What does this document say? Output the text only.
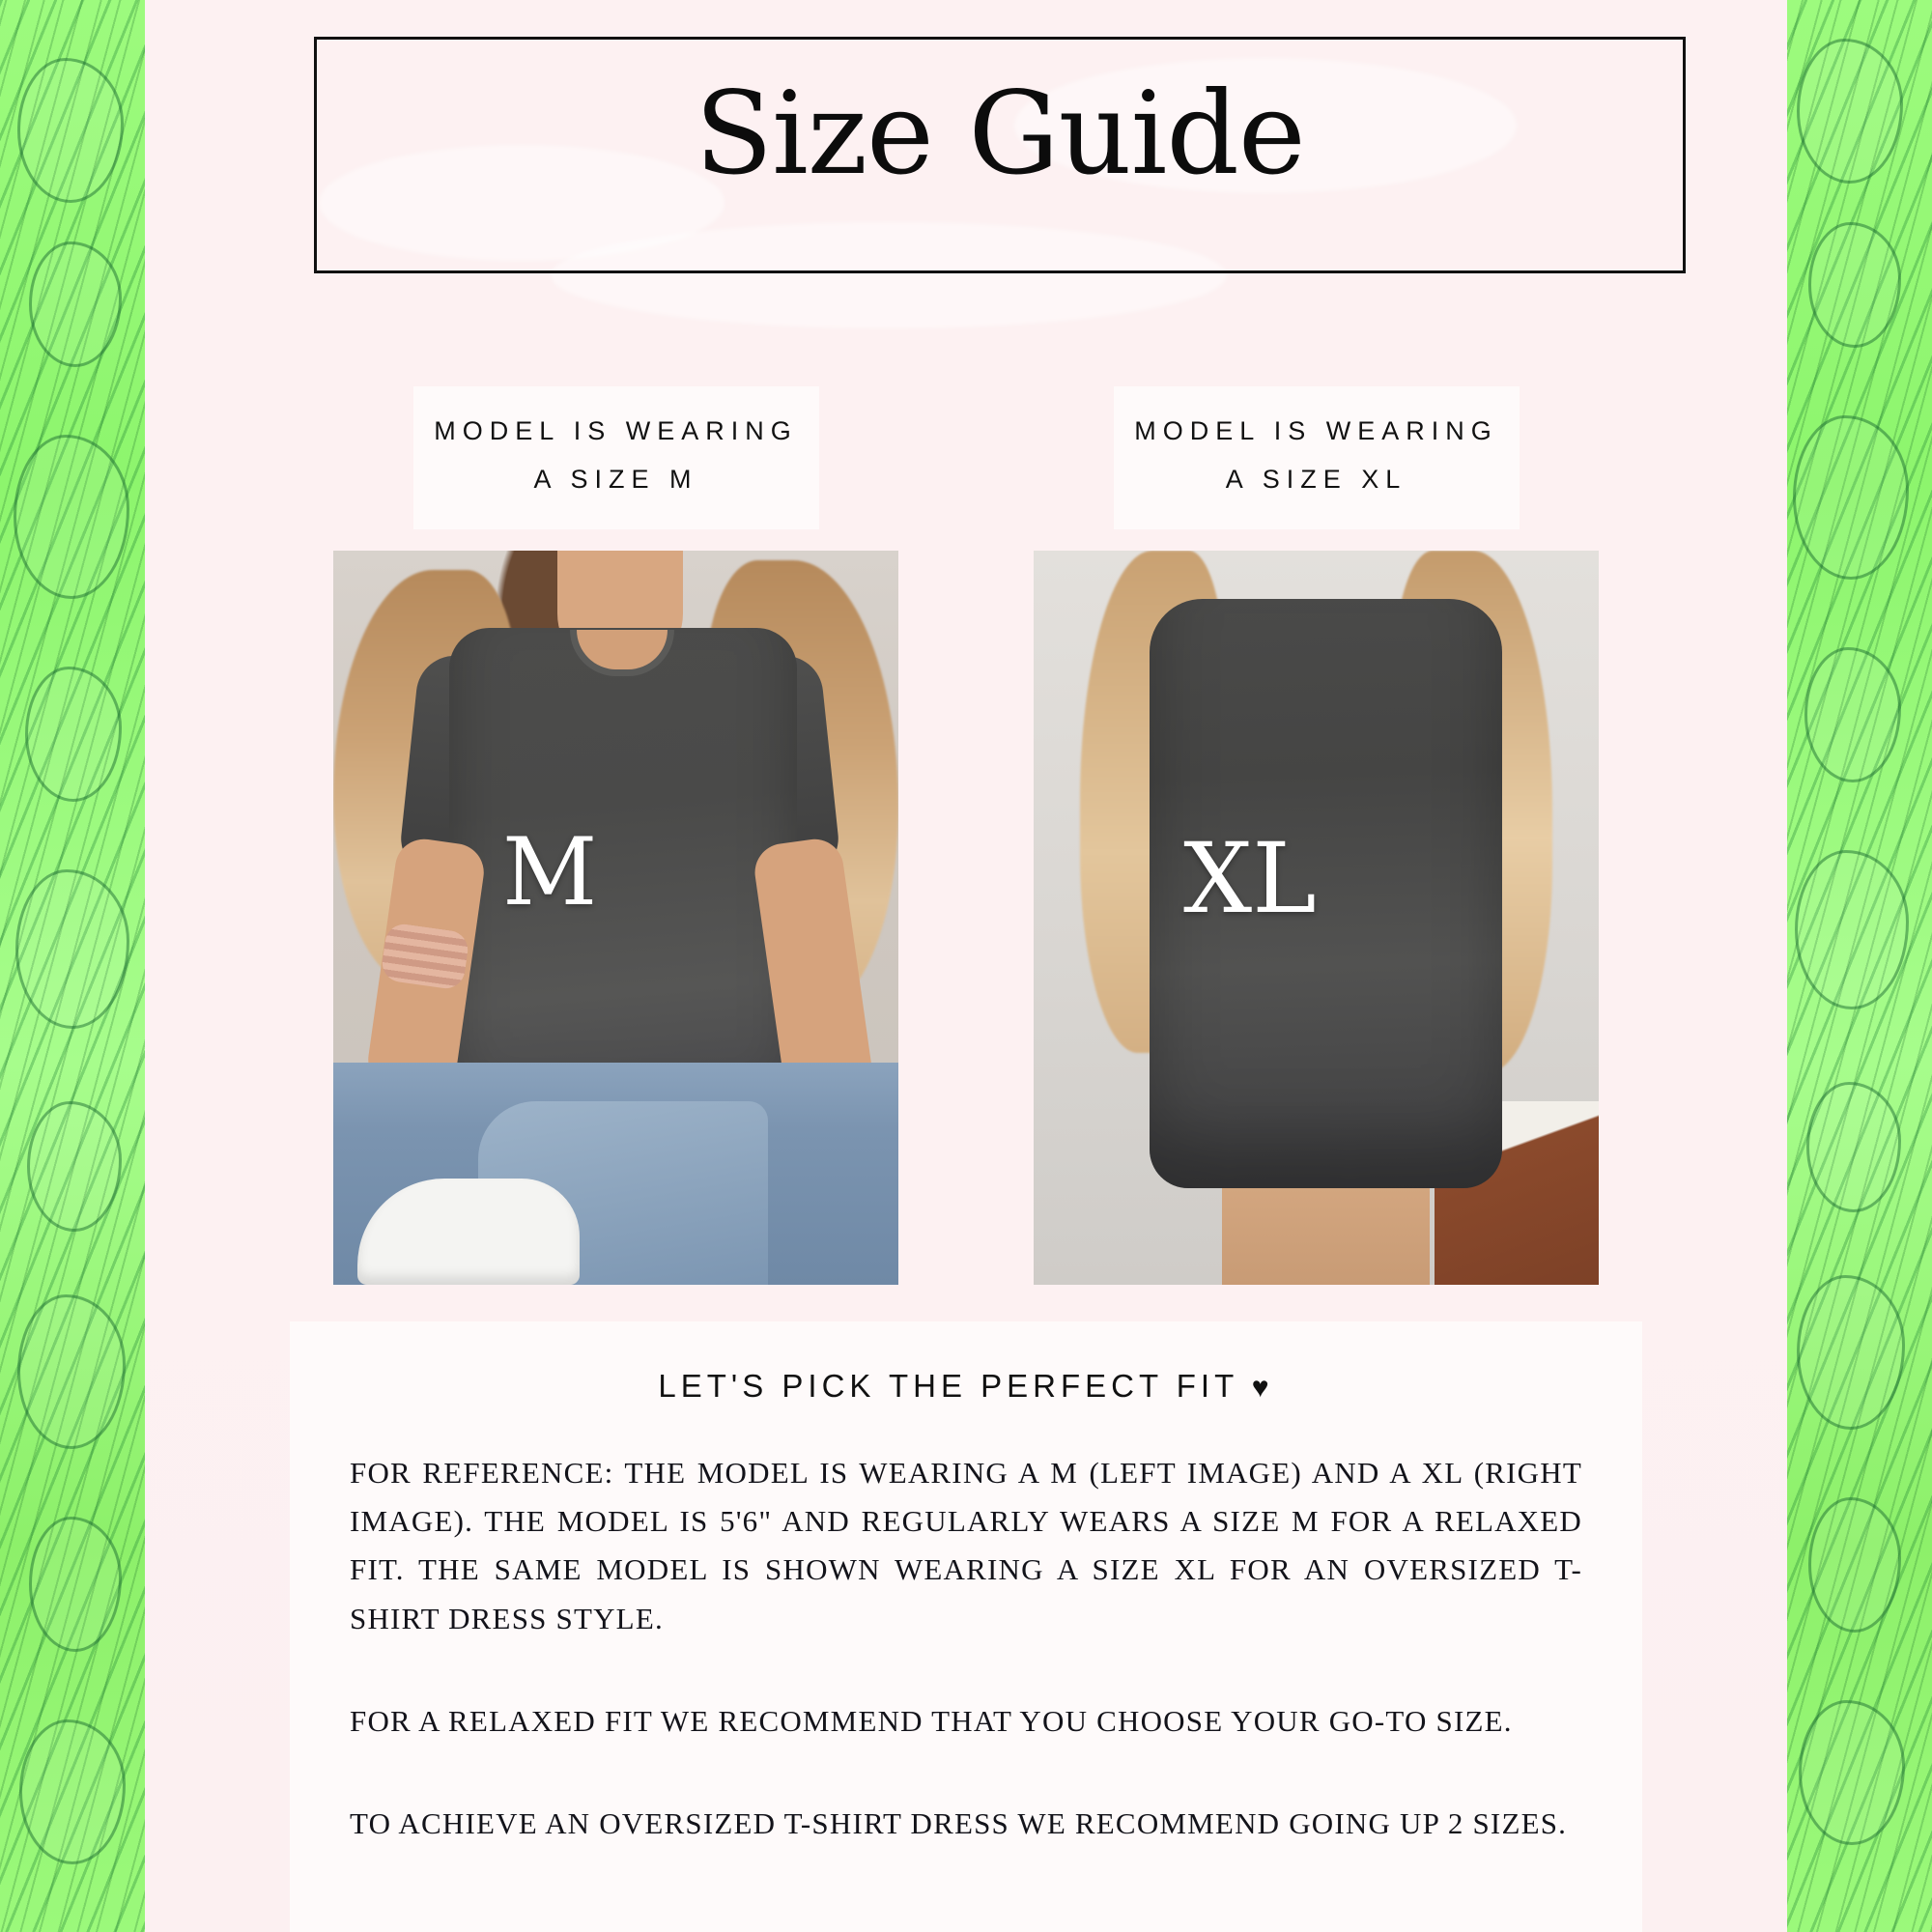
Size Guide
MODEL IS WEARING A SIZE M
M
MODEL IS WEARING A SIZE XL
XL
LET'S PICK THE PERFECT FIT ♥
FOR REFERENCE: THE MODEL IS WEARING A M (LEFT IMAGE) AND A XL (RIGHT IMAGE). THE MODEL IS 5'6" AND REGULARLY WEARS A SIZE M FOR A RELAXED FIT. THE SAME MODEL IS SHOWN WEARING A SIZE XL FOR AN OVERSIZED T-SHIRT DRESS STYLE.
FOR A RELAXED FIT WE RECOMMEND THAT YOU CHOOSE YOUR GO-TO SIZE.
TO ACHIEVE AN OVERSIZED T-SHIRT DRESS WE RECOMMEND GOING UP 2 SIZES.
